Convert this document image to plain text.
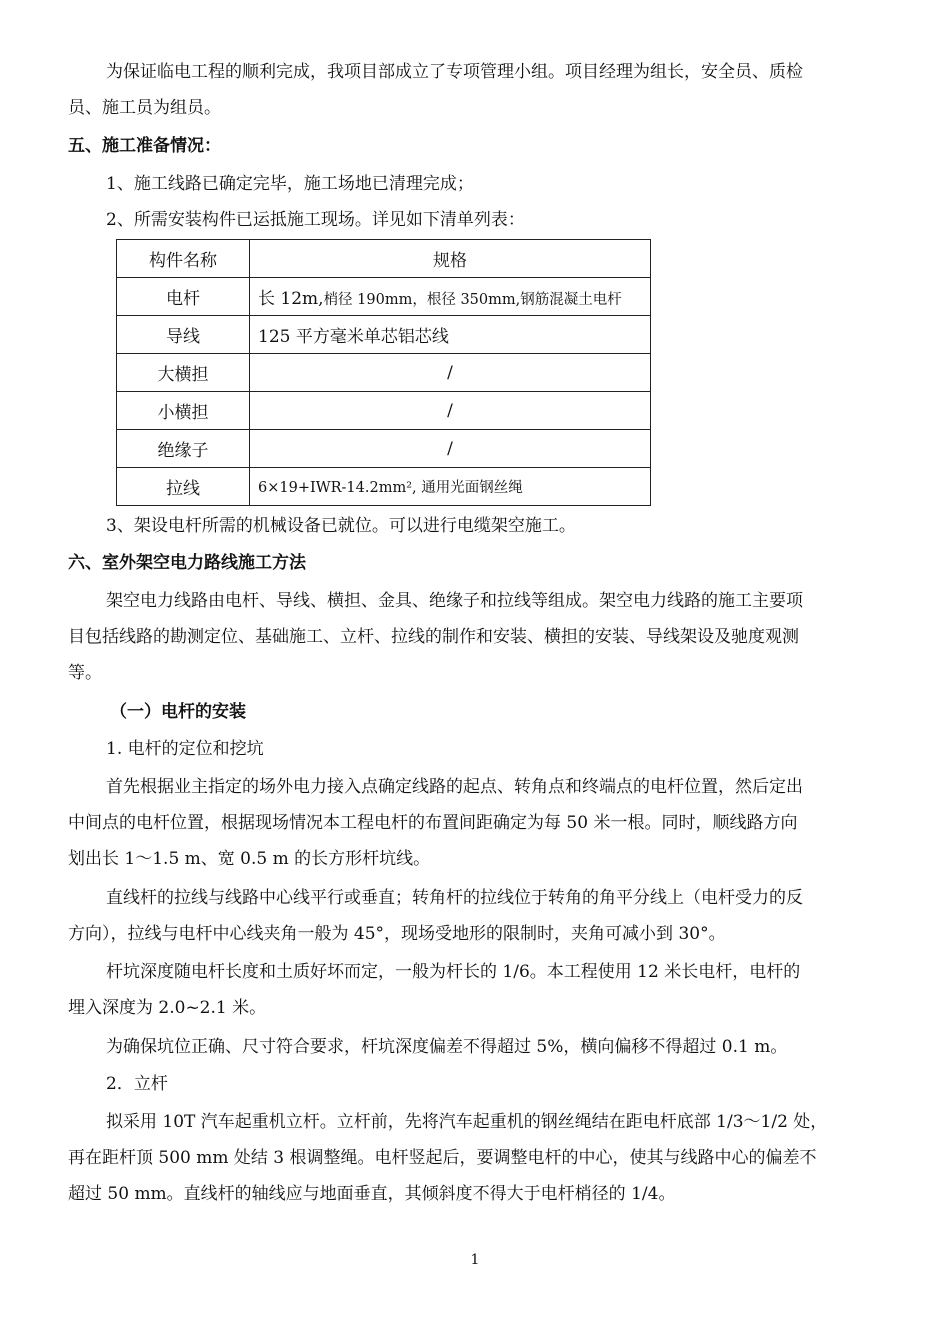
为保证临电工程的顺利完成，我项目部成立了专项管理小组。项目经理为组长，安全员、质检
员、施工员为组员。
五、施工准备情况：
1、施工线路已确定完毕，施工场地已清理完成；
2、所需安装构件已运抵施工现场。详见如下清单列表：
构件名称	规格
电杆	长 12m,梢径 190mm，根径 350mm,钢筋混凝土电杆
导线	125 平方毫米单芯铝芯线
大横担	/
小横担	/
绝缘子	/
拉线	6×19+IWR-14.2mm², 通用光面钢丝绳
3、架设电杆所需的机械设备已就位。可以进行电缆架空施工。
六、室外架空电力路线施工方法
架空电力线路由电杆、导线、横担、金具、绝缘子和拉线等组成。架空电力线路的施工主要项
目包括线路的勘测定位、基础施工、立杆、拉线的制作和安装、横担的安装、导线架设及驰度观测
等。
（一）电杆的安装
1. 电杆的定位和挖坑
首先根据业主指定的场外电力接入点确定线路的起点、转角点和终端点的电杆位置，然后定出
中间点的电杆位置，根据现场情况本工程电杆的布置间距确定为每 50 米一根。同时，顺线路方向
划出长 1～1.5 m、宽 0.5 m 的长方形杆坑线。
直线杆的拉线与线路中心线平行或垂直；转角杆的拉线位于转角的角平分线上（电杆受力的反
方向），拉线与电杆中心线夹角一般为 45°，现场受地形的限制时，夹角可减小到 30°。
杆坑深度随电杆长度和土质好坏而定，一般为杆长的 1/6。本工程使用 12 米长电杆，电杆的
埋入深度为 2.0~2.1 米。
为确保坑位正确、尺寸符合要求，杆坑深度偏差不得超过 5%，横向偏移不得超过 0.1 m。
2．立杆
拟采用 10T 汽车起重机立杆。立杆前，先将汽车起重机的钢丝绳结在距电杆底部 1/3～1/2 处，
再在距杆顶 500 mm 处结 3 根调整绳。电杆竖起后，要调整电杆的中心，使其与线路中心的偏差不
超过 50 mm。直线杆的轴线应与地面垂直，其倾斜度不得大于电杆梢径的 1/4。
1
